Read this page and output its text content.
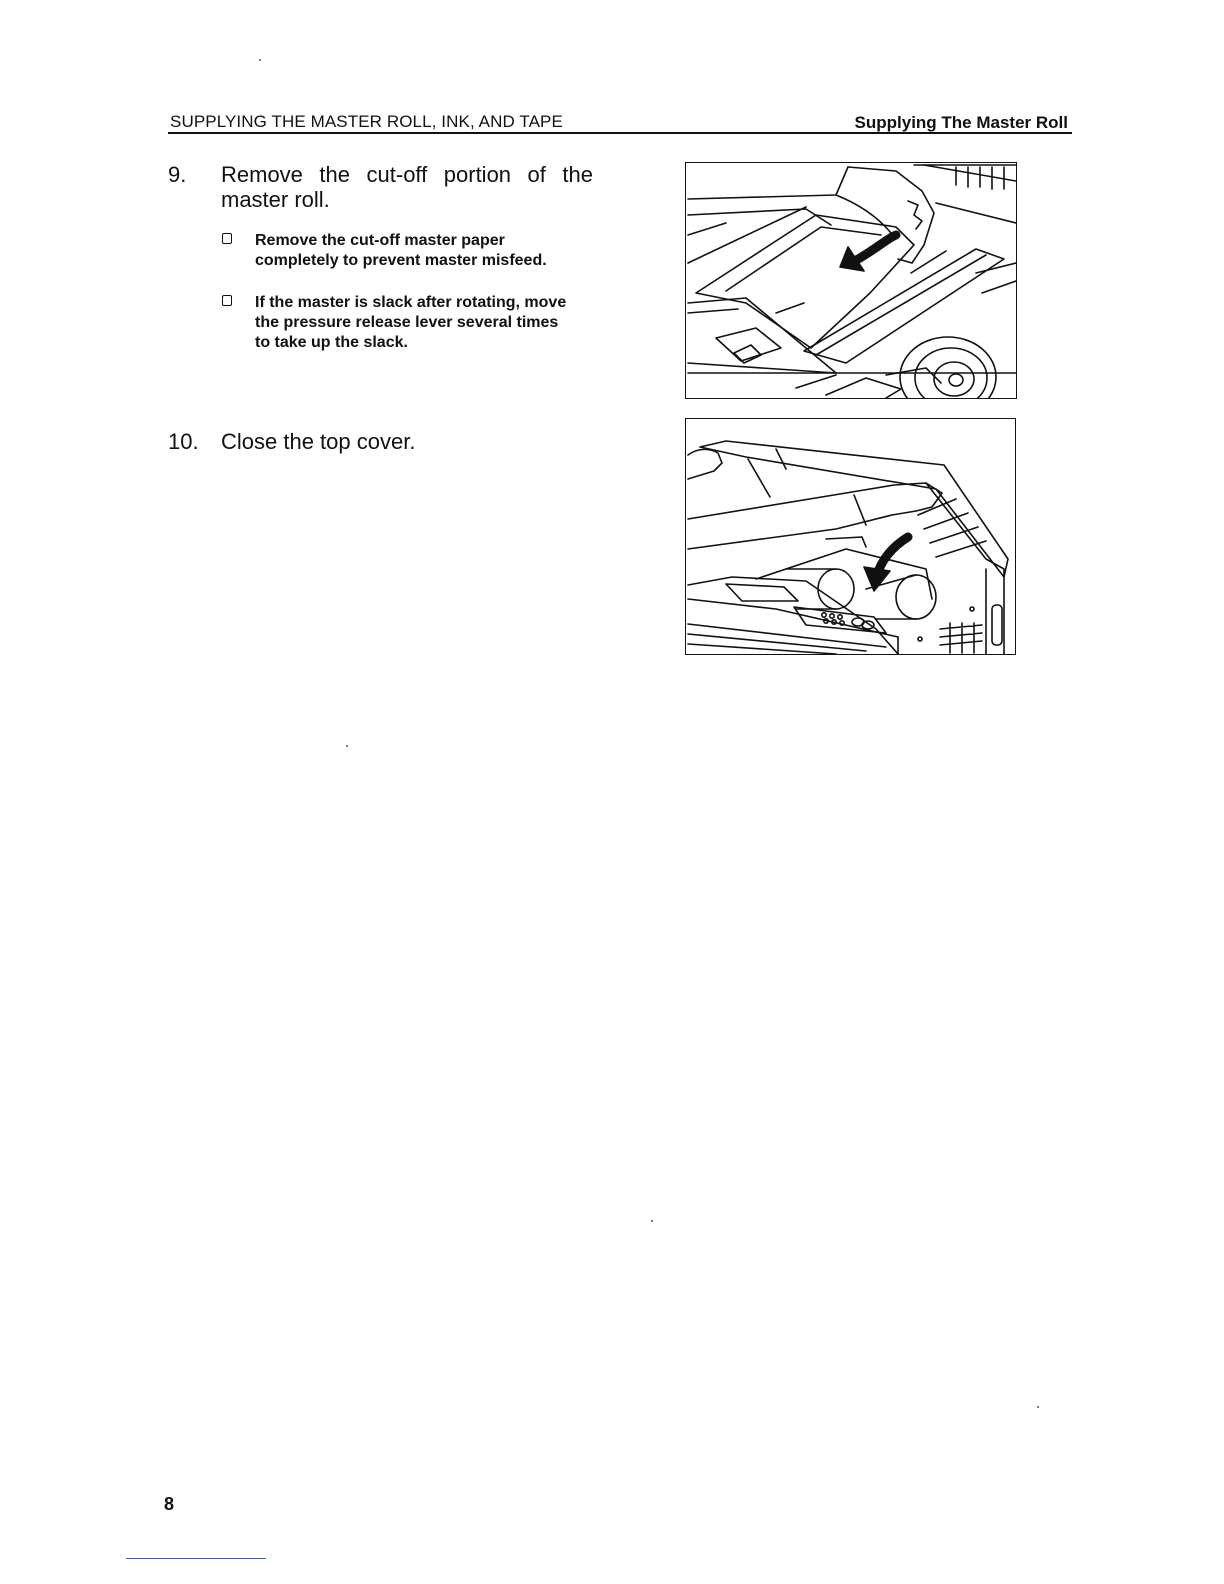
SUPPLYING THE MASTER ROLL, INK, AND TAPE	Supplying The Master Roll
9. Remove the cut-off portion of the
master roll.
Remove the cut-off master paper
completely to prevent master misfeed.
If the master is slack after rotating, move
the pressure release lever several times
to take up the slack.
10. Close the top cover.
8
